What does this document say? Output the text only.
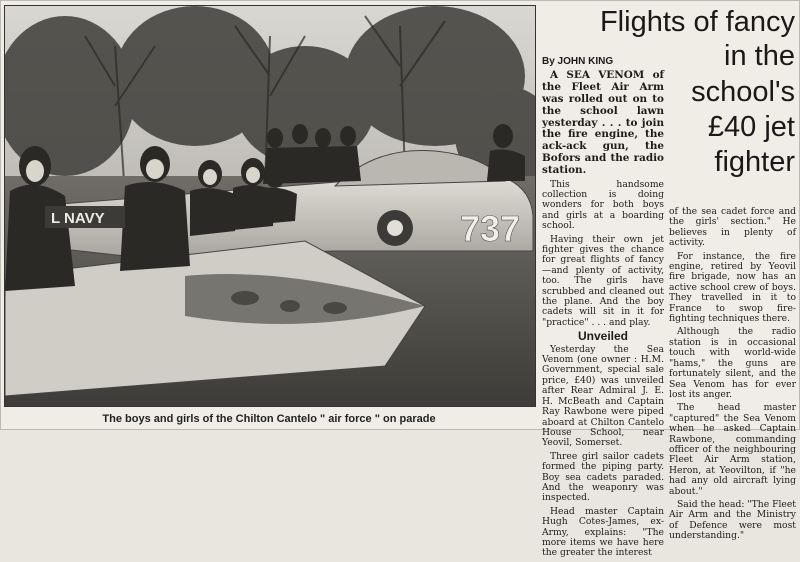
L NAVY	737
The boys and girls of the Chilton Cantelo " air force " on parade
Flights of fancy
in the
school's
£40 jet
fighter

By JOHN KING

A SEA VENOM of the Fleet Air Arm was rolled out on to the school lawn yesterday . . . to join the fire engine, the ack-ack gun, the Bofors and the radio station.

This handsome collection is doing wonders for both boys and girls at a boarding school.

Having their own jet fighter gives the chance for great flights of fancy—and plenty of activity, too. The girls have scrubbed and cleaned out the plane. And the boy cadets will sit in it for "practice" . . . and play.

Unveiled

Yesterday the Sea Venom (one owner : H.M. Government, special sale price, £40) was unveiled after Rear Admiral J. E. H. McBeath and Captain Ray Rawbone were piped aboard at Chilton Cantelo House School, near Yeovil, Somerset.

Three girl sailor cadets formed the piping party. Boy sea cadets paraded. And the weaponry was inspected.

Head master Captain Hugh Cotes-James, ex-Army, explains: "The more items we have here the greater the interest

of the sea cadet force and the girls' section." He believes in plenty of activity.

For instance, the fire engine, retired by Yeovil fire brigade, now has an active school crew of boys. They travelled in it to France to swop fire-fighting techniques there.

Although the radio station is in occasional touch with world-wide "hams," the guns are fortunately silent, and the Sea Venom has for ever lost its anger.

The head master "captured" the Sea Venom when he asked Captain Rawbone, commanding officer of the neighbouring Fleet Air Arm station, Heron, at Yeovilton, if "he had any old aircraft lying about."

Said the head: "The Fleet Air Arm and the Ministry of Defence were most understanding."
